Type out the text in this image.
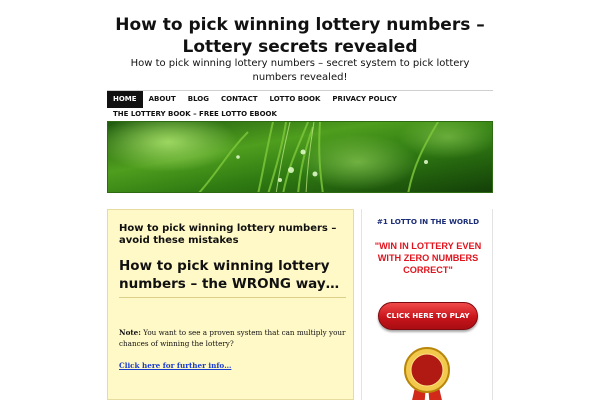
How to pick winning lottery numbers – Lottery secrets revealed
How to pick winning lottery numbers – secret system to pick lottery numbers revealed!
HOME	ABOUT	BLOG	CONTACT	LOTTO BOOK	PRIVACY POLICY
THE LOTTERY BOOK – FREE LOTTO EBOOK
How to pick winning lottery numbers – avoid these mistakes
How to pick winning lottery numbers – the WRONG way…
Note: You want to see a proven system that can multiply your chances of winning the lottery?
Click here for further info…
#1 LOTTO IN THE WORLD
"WIN IN LOTTERY EVEN WITH ZERO NUMBERS CORRECT"
CLICK HERE TO PLAY
